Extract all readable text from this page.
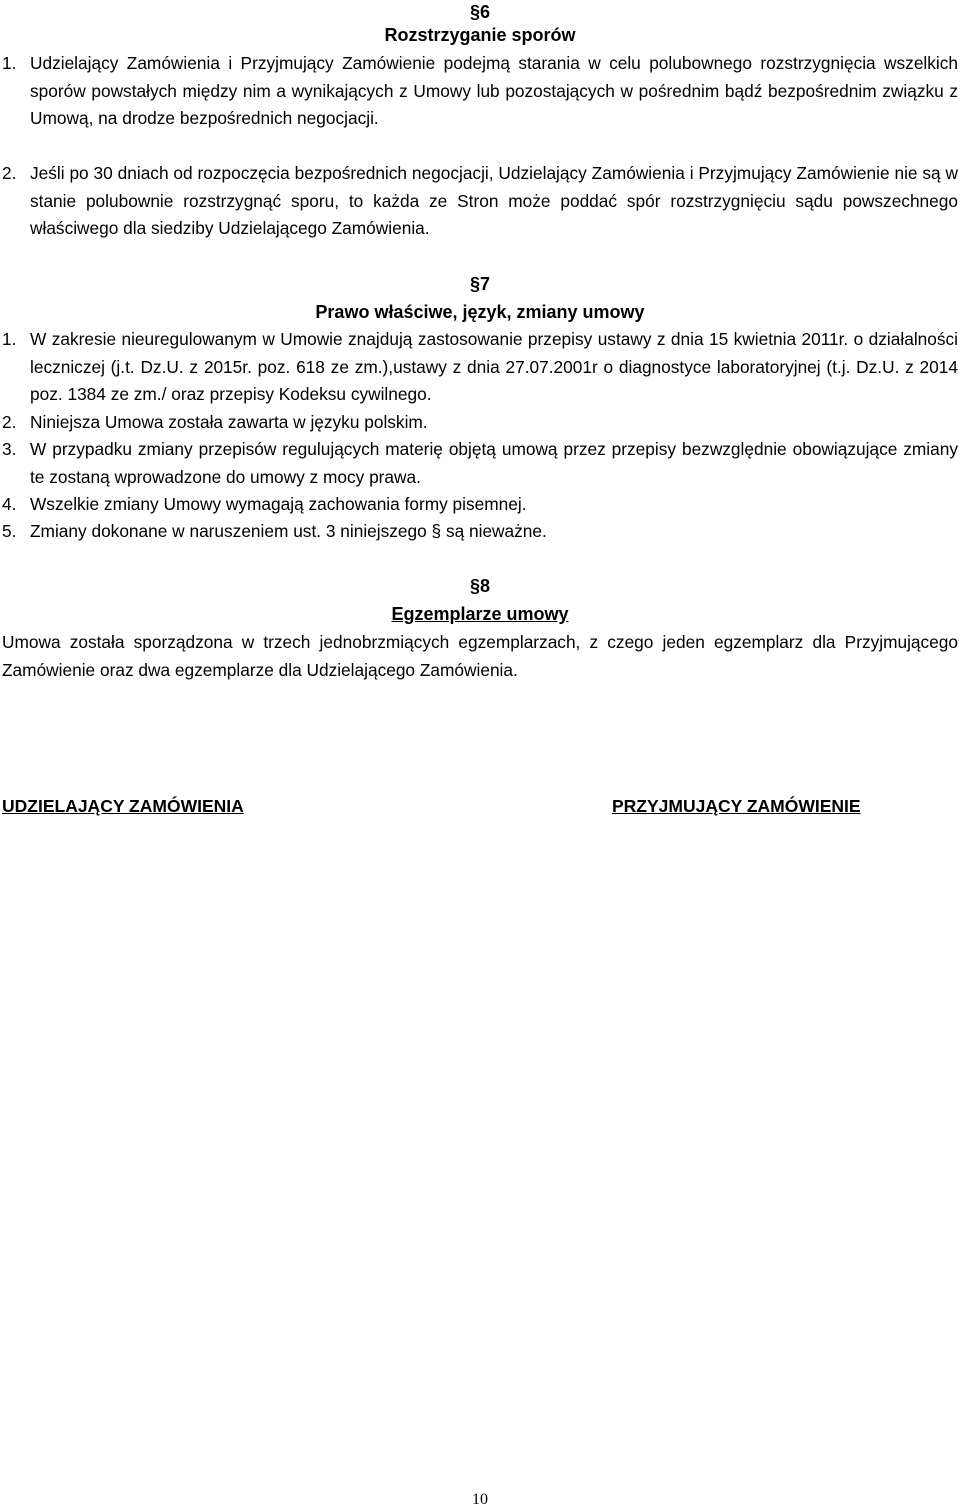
§6
Rozstrzyganie sporów
1. Udzielający Zamówienia i Przyjmujący Zamówienie podejmą starania w celu polubownego rozstrzygnięcia wszelkich sporów powstałych między nim a wynikających z Umowy lub pozostających w pośrednim bądź bezpośrednim związku z Umową, na drodze bezpośrednich negocjacji.
2. Jeśli po 30 dniach od rozpoczęcia bezpośrednich negocjacji, Udzielający Zamówienia i Przyjmujący Zamówienie nie są w stanie polubownie rozstrzygnąć sporu, to każda ze Stron może poddać spór rozstrzygnięciu sądu powszechnego właściwego dla siedziby Udzielającego Zamówienia.
§7
Prawo właściwe, język, zmiany umowy
1. W zakresie nieuregulowanym w Umowie znajdują zastosowanie przepisy ustawy z dnia 15 kwietnia 2011r. o działalności leczniczej (j.t. Dz.U. z 2015r. poz. 618 ze zm.),ustawy z dnia 27.07.2001r o diagnostyce laboratoryjnej (t.j. Dz.U. z 2014 poz. 1384 ze zm./ oraz przepisy Kodeksu cywilnego.
2. Niniejsza Umowa została zawarta w języku polskim.
3. W przypadku zmiany przepisów regulujących materię objętą umową przez przepisy bezwzględnie obowiązujące zmiany te zostaną wprowadzone do umowy z mocy prawa.
4. Wszelkie zmiany Umowy wymagają zachowania formy pisemnej.
5. Zmiany dokonane w naruszeniem ust. 3 niniejszego § są nieważne.
§8
Egzemplarze umowy
Umowa została sporządzona w trzech jednobrzmiących egzemplarzach, z czego jeden egzemplarz dla Przyjmującego Zamówienie oraz dwa egzemplarze dla Udzielającego Zamówienia.
UDZIELAJĄCY ZAMÓWIENIA	PRZYJMUJĄCY ZAMÓWIENIE
10
